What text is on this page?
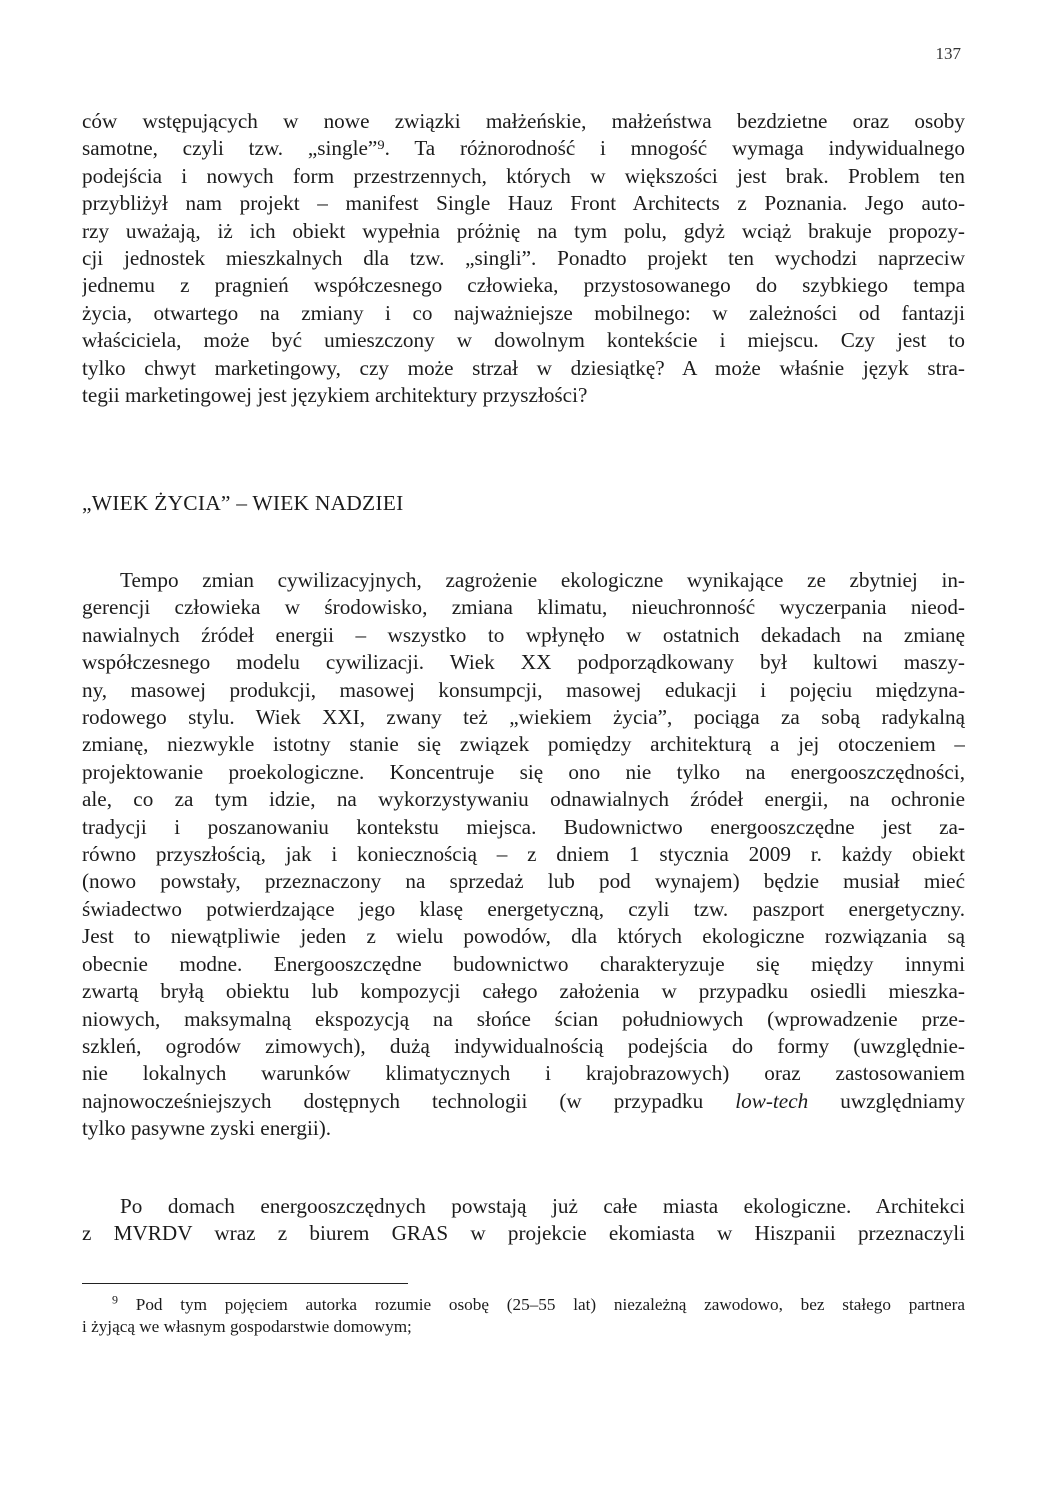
137

ców wstępujących w nowe związki małżeńskie, małżeństwa bezdzietne oraz osoby
samotne, czyli tzw. „single”⁹. Ta różnorodność i mnogość wymaga indywidualnego
podejścia i nowych form przestrzennych, których w większości jest brak. Problem ten
przybliżył nam projekt – manifest Single Hauz Front Architects z Poznania. Jego auto-
rzy uważają, iż ich obiekt wypełnia próżnię na tym polu, gdyż wciąż brakuje propozy-
cji jednostek mieszkalnych dla tzw. „singli”. Ponadto projekt ten wychodzi naprzeciw
jednemu z pragnień współczesnego człowieka, przystosowanego do szybkiego tempa
życia, otwartego na zmiany i co najważniejsze mobilnego: w zależności od fantazji
właściciela, może być umieszczony w dowolnym kontekście i miejscu. Czy jest to
tylko chwyt marketingowy, czy może strzał w dziesiątkę? A może właśnie język stra-
tegii marketingowej jest językiem architektury przyszłości?

„WIEK ŻYCIA” – WIEK NADZIEI

Tempo zmian cywilizacyjnych, zagrożenie ekologiczne wynikające ze zbytniej in-
gerencji człowieka w środowisko, zmiana klimatu, nieuchronność wyczerpania nieod-
nawialnych źródeł energii – wszystko to wpłynęło w ostatnich dekadach na zmianę
współczesnego modelu cywilizacji. Wiek XX podporządkowany był kultowi maszy-
ny, masowej produkcji, masowej konsumpcji, masowej edukacji i pojęciu międzyna-
rodowego stylu. Wiek XXI, zwany też „wiekiem życia”, pociąga za sobą radykalną
zmianę, niezwykle istotny stanie się związek pomiędzy architekturą a jej otoczeniem –
projektowanie proekologiczne. Koncentruje się ono nie tylko na energooszczędności,
ale, co za tym idzie, na wykorzystywaniu odnawialnych źródeł energii, na ochronie
tradycji i poszanowaniu kontekstu miejsca. Budownictwo energooszczędne jest za-
równo przyszłością, jak i koniecznością – z dniem 1 stycznia 2009 r. każdy obiekt
(nowo powstały, przeznaczony na sprzedaż lub pod wynajem) będzie musiał mieć
świadectwo potwierdzające jego klasę energetyczną, czyli tzw. paszport energetyczny.
Jest to niewątpliwie jeden z wielu powodów, dla których ekologiczne rozwiązania są
obecnie modne. Energooszczędne budownictwo charakteryzuje się między innymi
zwartą bryłą obiektu lub kompozycji całego założenia w przypadku osiedli mieszka-
niowych, maksymalną ekspozycją na słońce ścian południowych (wprowadzenie prze-
szkleń, ogrodów zimowych), dużą indywidualnością podejścia do formy (uwzględnie-
nie lokalnych warunków klimatycznych i krajobrazowych) oraz zastosowaniem
najnowocześniejszych dostępnych technologii (w przypadku low-tech uwzględniamy
tylko pasywne zyski energii).

Po domach energooszczędnych powstają już całe miasta ekologiczne. Architekci
z MVRDV wraz z biurem GRAS w projekcie ekomiasta w Hiszpanii przeznaczyli

$^9$ Pod tym pojęciem autorka rozumie osobę (25–55 lat) niezależną zawodowo, bez stałego partnera
i żyjącą we własnym gospodarstwie domowym;
